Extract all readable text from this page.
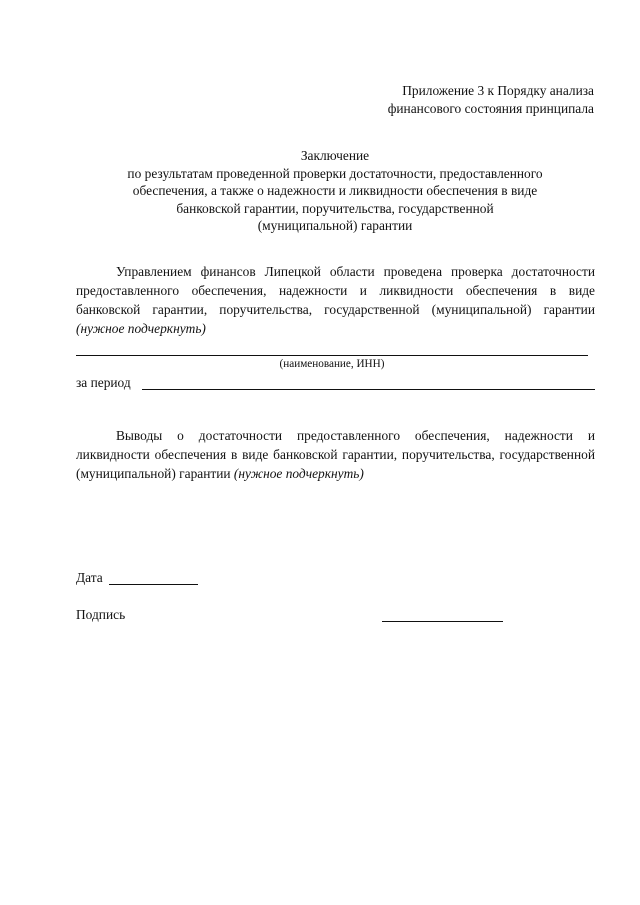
Приложение 3 к Порядку анализа
финансового состояния принципала
Заключение
по результатам проведенной проверки достаточности, предоставленного
обеспечения, а также о надежности и ликвидности обеспечения в виде
банковской гарантии, поручительства, государственной
(муниципальной) гарантии
Управлением финансов Липецкой области проведена проверка достаточности предоставленного обеспечения, надежности и ликвидности обеспечения в виде банковской гарантии, поручительства, государственной (муниципальной) гарантии (нужное подчеркнуть)
(наименование, ИНН)
за период
Выводы о достаточности предоставленного обеспечения, надежности и ликвидности обеспечения в виде банковской гарантии, поручительства, государственной (муниципальной) гарантии (нужное подчеркнуть)
Дата
Подпись
